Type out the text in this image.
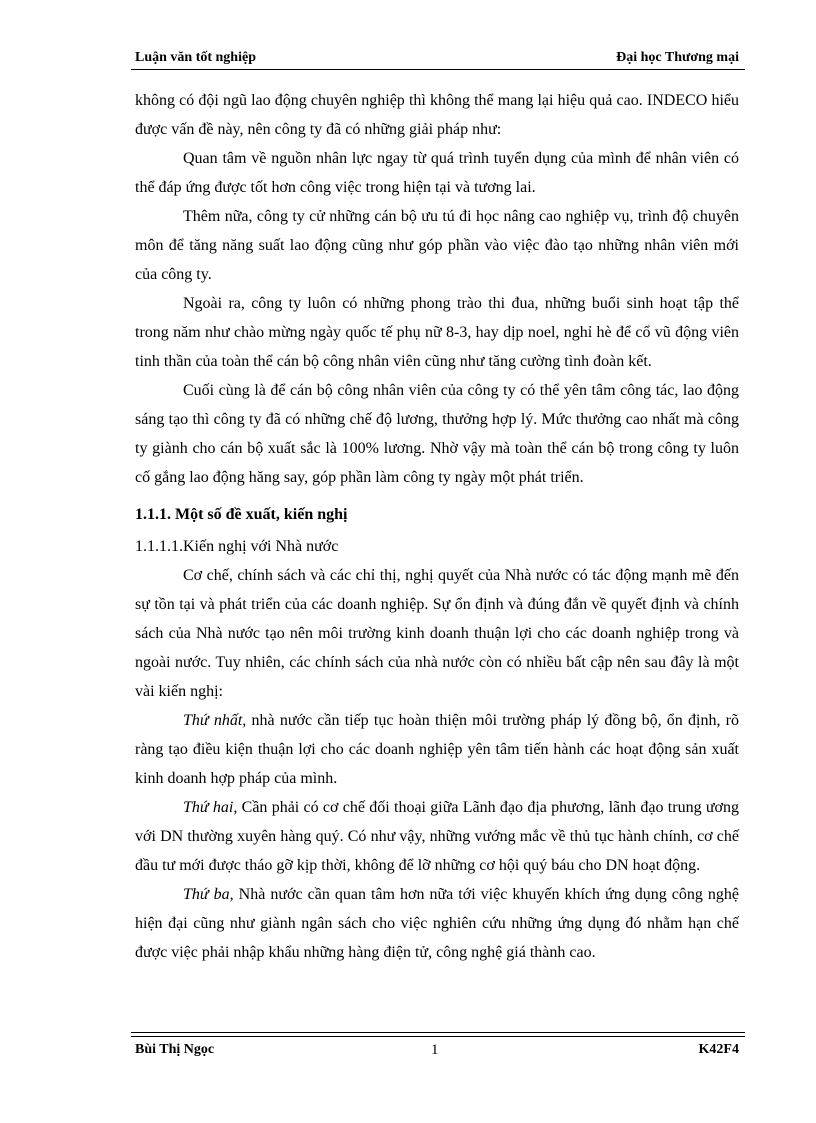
Luận văn tốt nghiệp	Đại học Thương mại

không có đội ngũ lao động chuyên nghiệp thì không thể mang lại hiệu quả cao. INDECO hiểu được vấn đề này, nên công ty đã có những giải pháp như:

Quan tâm về nguồn nhân lực ngay từ quá trình tuyển dụng của mình để nhân viên có thể đáp ứng được tốt hơn công việc trong hiện tại và tương lai.

Thêm nữa, công ty cử những cán bộ ưu tú đi học nâng cao nghiệp vụ, trình độ chuyên môn để tăng năng suất lao động cũng như góp phần vào việc đào tạo những nhân viên mới của công ty.

Ngoài ra, công ty luôn có những phong trào thi đua, những buổi sinh hoạt tập thể trong năm như chào mừng ngày quốc tế phụ nữ 8-3, hay dịp noel, nghỉ hè để cổ vũ động viên tinh thần của toàn thể cán bộ công nhân viên cũng như tăng cường tình đoàn kết.

Cuối cùng là để cán bộ công nhân viên của công ty có thể yên tâm công tác, lao động sáng tạo thì công ty đã có những chế độ lương, thưởng hợp lý. Mức thưởng cao nhất mà công ty giành cho cán bộ xuất sắc là 100% lương. Nhờ vậy mà toàn thể cán bộ trong công ty luôn cố gắng lao động hăng say, góp phần làm công ty ngày một phát triển.

1.1.1. Một số đề xuất, kiến nghị
1.1.1.1.Kiến nghị với Nhà nước

Cơ chế, chính sách và các chỉ thị, nghị quyết của Nhà nước có tác động mạnh mẽ đến sự tồn tại và phát triển của các doanh nghiệp. Sự ổn định và đúng đắn về quyết định và chính sách của Nhà nước tạo nên môi trường kinh doanh thuận lợi cho các doanh nghiệp trong và ngoài nước. Tuy nhiên, các chính sách của nhà nước còn có nhiều bất cập nên sau đây là một vài kiến nghị:

Thứ nhất, nhà nước cần tiếp tục hoàn thiện môi trường pháp lý đồng bộ, ổn định, rõ ràng tạo điều kiện thuận lợi cho các doanh nghiệp yên tâm tiến hành các hoạt động sản xuất kinh doanh hợp pháp của mình.

Thứ hai, Cần phải có cơ chế đối thoại giữa Lãnh đạo địa phương, lãnh đạo trung ương với DN thường xuyên hàng quý. Có như vậy, những vướng mắc về thủ tục hành chính, cơ chế đầu tư mới được tháo gỡ kịp thời, không để lỡ những cơ hội quý báu cho DN hoạt động.

Thứ ba, Nhà nước cần quan tâm hơn nữa tới việc khuyến khích ứng dụng công nghệ hiện đại cũng như giành ngân sách cho việc nghiên cứu những ứng dụng đó nhằm hạn chế được việc phải nhập khẩu những hàng điện tử, công nghệ giá thành cao.

Bùi Thị Ngọc	1	K42F4
